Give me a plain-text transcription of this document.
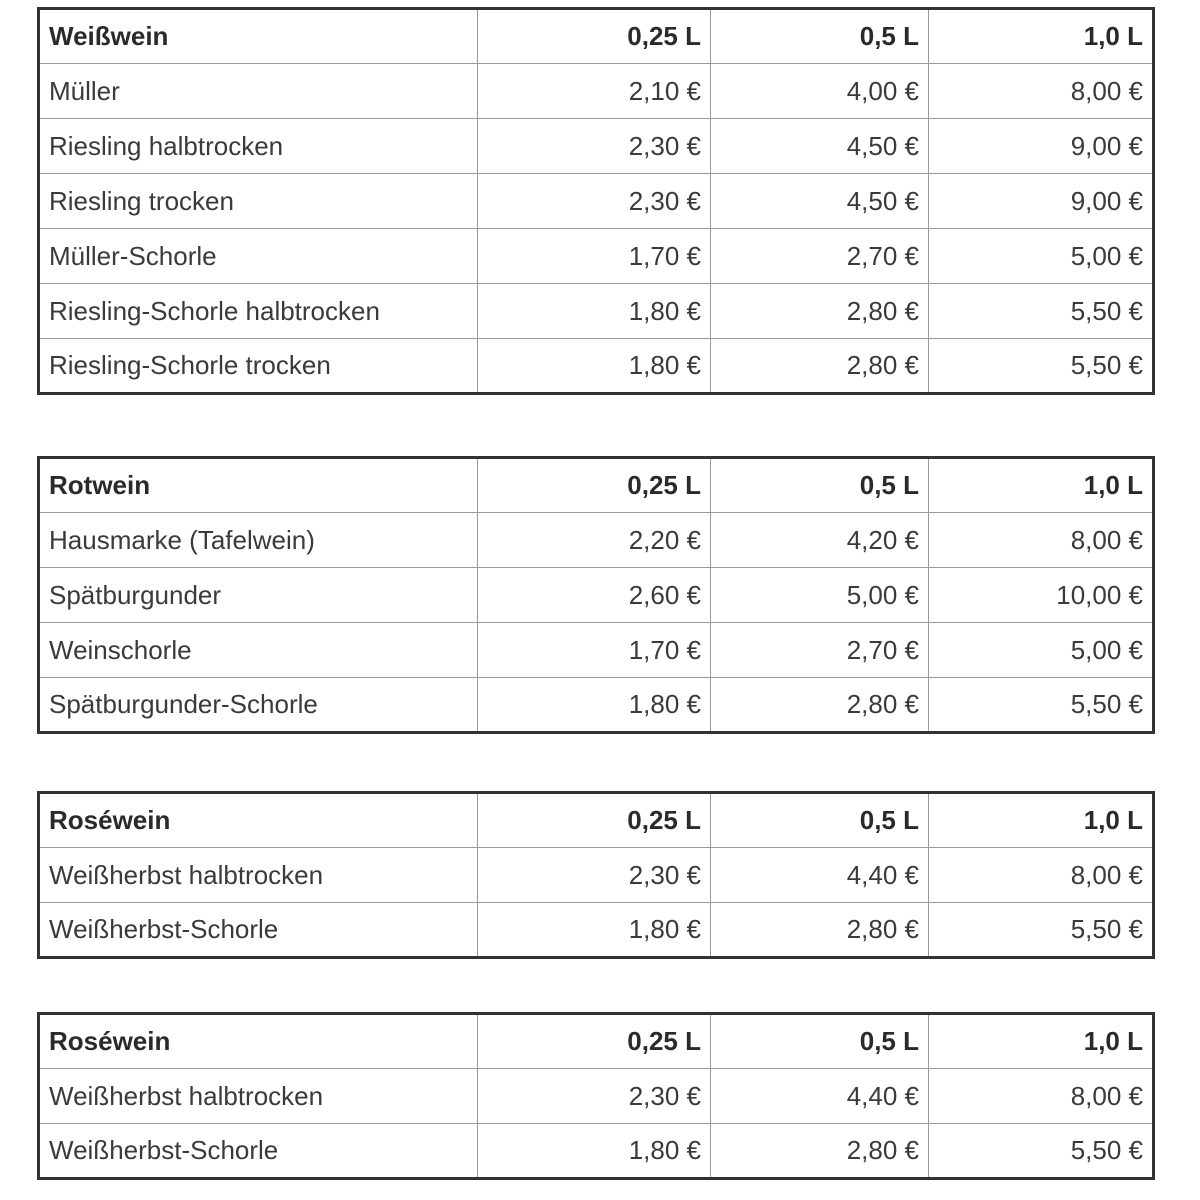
Weißwein	0,25 L	0,5 L	1,0 L
Müller	2,10 €	4,00 €	8,00 €
Riesling halbtrocken	2,30 €	4,50 €	9,00 €
Riesling trocken	2,30 €	4,50 €	9,00 €
Müller-Schorle	1,70 €	2,70 €	5,00 €
Riesling-Schorle halbtrocken	1,80 €	2,80 €	5,50 €
Riesling-Schorle trocken	1,80 €	2,80 €	5,50 €
Rotwein	0,25 L	0,5 L	1,0 L
Hausmarke (Tafelwein)	2,20 €	4,20 €	8,00 €
Spätburgunder	2,60 €	5,00 €	10,00 €
Weinschorle	1,70 €	2,70 €	5,00 €
Spätburgunder-Schorle	1,80 €	2,80 €	5,50 €
Roséwein	0,25 L	0,5 L	1,0 L
Weißherbst halbtrocken	2,30 €	4,40 €	8,00 €
Weißherbst-Schorle	1,80 €	2,80 €	5,50 €
Roséwein	0,25 L	0,5 L	1,0 L
Weißherbst halbtrocken	2,30 €	4,40 €	8,00 €
Weißherbst-Schorle	1,80 €	2,80 €	5,50 €
